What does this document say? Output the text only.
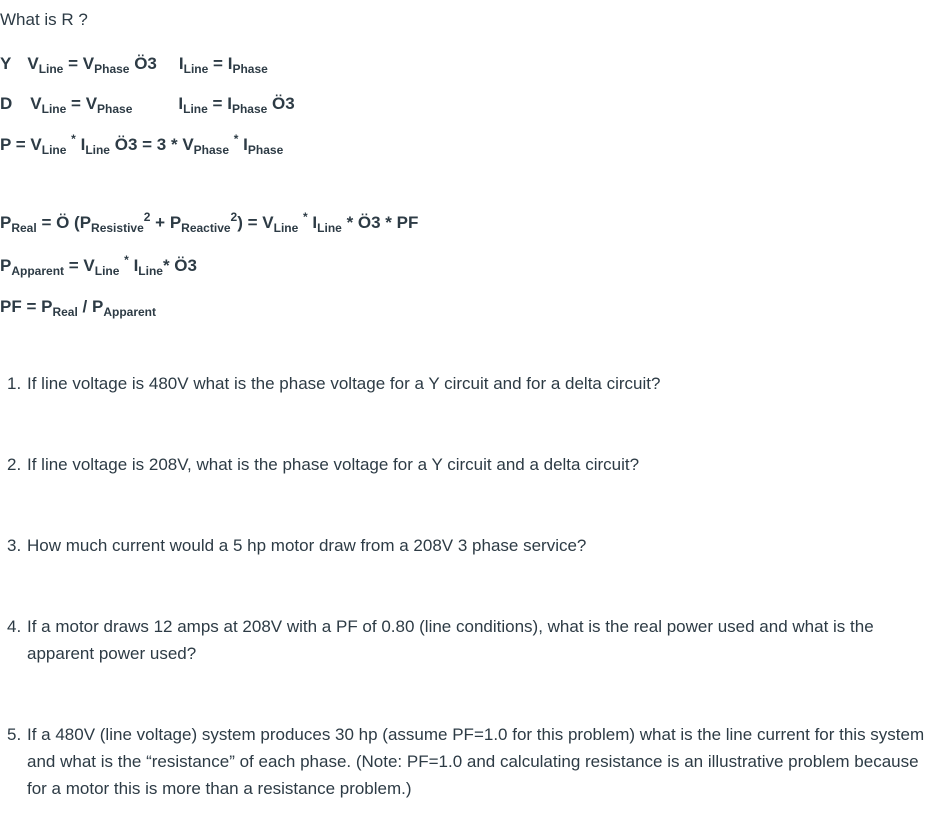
What is R ?
Y $V_{Line} = V_{Phase}$ Ö3 $I_{Line} = I_{Phase}$
D $V_{Line} = V_{Phase}$	$I_{Line} = I_{Phase}$ Ö3
$P = V_{Line}$ * $I_{Line}$ Ö3 = $3 * V_{Phase}$ * $I_{Phase}$
$P_{Real}$ = Ö $(P_{Resistive}^2 + P_{Reactive}^2) = V_{Line}$ * $I_{Line}$ * Ö3 * PF
$P_{Apparent} = V_{Line}$ * $I_{Line}*$ Ö3
PF = $P_{Real} / P_{Apparent}$
1. If line voltage is 480V what is the phase voltage for a Y circuit and for a delta circuit?
2. If line voltage is 208V, what is the phase voltage for a Y circuit and a delta circuit?
3. How much current would a 5 hp motor draw from a 208V 3 phase service?
4. If a motor draws 12 amps at 208V with a PF of 0.80 (line conditions), what is the real power used and what is the apparent power used?
5. If a 480V (line voltage) system produces 30 hp (assume PF=1.0 for this problem) what is the line current for this system and what is the “resistance” of each phase. (Note: PF=1.0 and calculating resistance is an illustrative problem because for a motor this is more than a resistance problem.)
